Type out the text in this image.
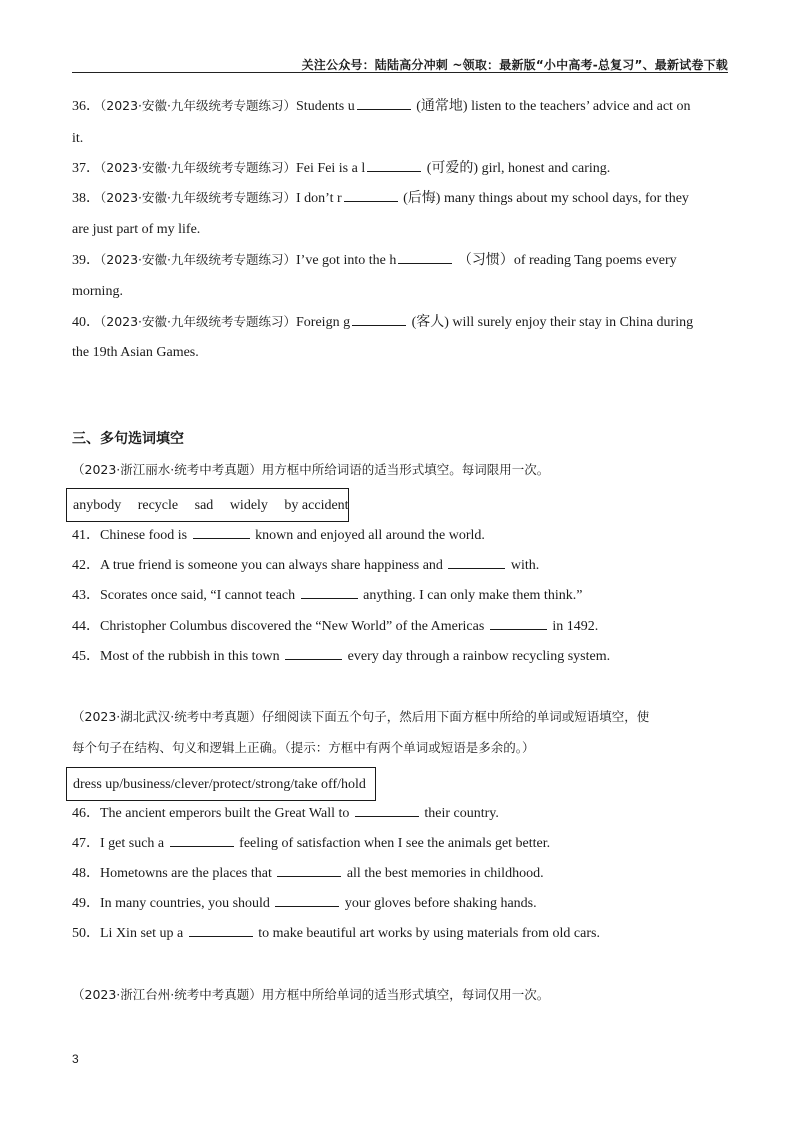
关注公众号：陆陆高分冲刺 ~领取：最新版“小中高考-总复习”、最新试卷下载
36．（2023·安徽·九年级统考专题练习）Students u	(通常地) listen to the teachers’ advice and act on
it.
37．（2023·安徽·九年级统考专题练习）Fei Fei is a l	(可爱的) girl, honest and caring.
38．（2023·安徽·九年级统考专题练习）I don’t r	(后悔) many things about my school days, for they
are just part of my life.
39．（2023·安徽·九年级统考专题练习）I’ve got into the h	（习惯）of reading Tang poems every
morning.
40．（2023·安徽·九年级统考专题练习）Foreign g	(客人) will surely enjoy their stay in China during
the 19th Asian Games.
三、多句选词填空
（2023·浙江丽水·统考中考真题）用方框中所给词语的适当形式填空。每词限用一次。
anybody recycle sad widely by accident
41．Chinese food is	known and enjoyed all around the world.
42．A true friend is someone you can always share happiness and	with.
43．Scorates once said, “I cannot teach	anything. I can only make them think.”
44．Christopher Columbus discovered the “New World” of the Americas	in 1492.
45．Most of the rubbish in this town	every day through a rainbow recycling system.
（2023·湖北武汉·统考中考真题）仔细阅读下面五个句子，然后用下面方框中所给的单词或短语填空，使
每个句子在结构、句义和逻辑上正确。（提示：方框中有两个单词或短语是多余的。）
dress up/business/clever/protect/strong/take off/hold
46．The ancient emperors built the Great Wall to	their country.
47．I get such a	feeling of satisfaction when I see the animals get better.
48．Hometowns are the places that	all the best memories in childhood.
49．In many countries, you should	your gloves before shaking hands.
50．Li Xin set up a	to make beautiful art works by using materials from old cars.
（2023·浙江台州·统考中考真题）用方框中所给单词的适当形式填空，每词仅用一次。
3
